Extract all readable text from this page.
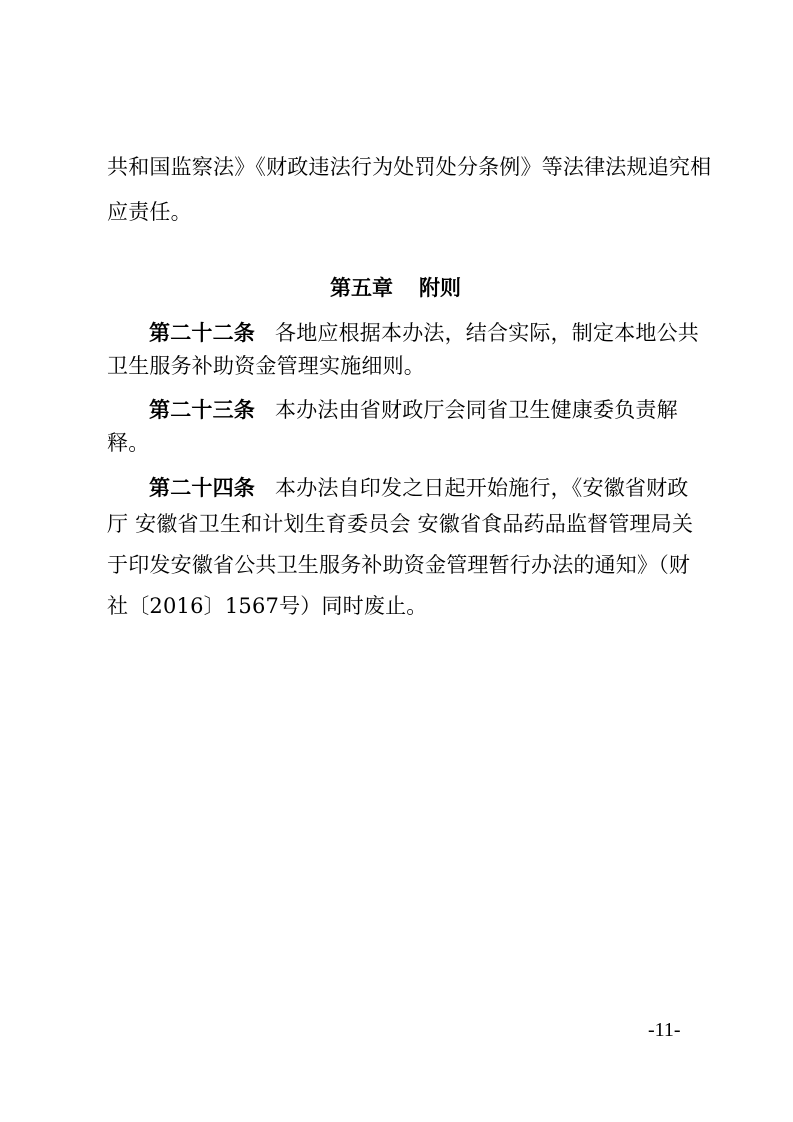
共和国监察法》《财政违法行为处罚处分条例》等法律法规追究相
应责任。
第五章 附则
第二十二条 各地应根据本办法，结合实际，制定本地公共
卫生服务补助资金管理实施细则。
第二十三条 本办法由省财政厅会同省卫生健康委负责解
释。
第二十四条 本办法自印发之日起开始施行，《安徽省财政
厅 安徽省卫生和计划生育委员会 安徽省食品药品监督管理局关
于印发安徽省公共卫生服务补助资金管理暂行办法的通知》（财
社〔2016〕1567号）同时废止。
-11-
